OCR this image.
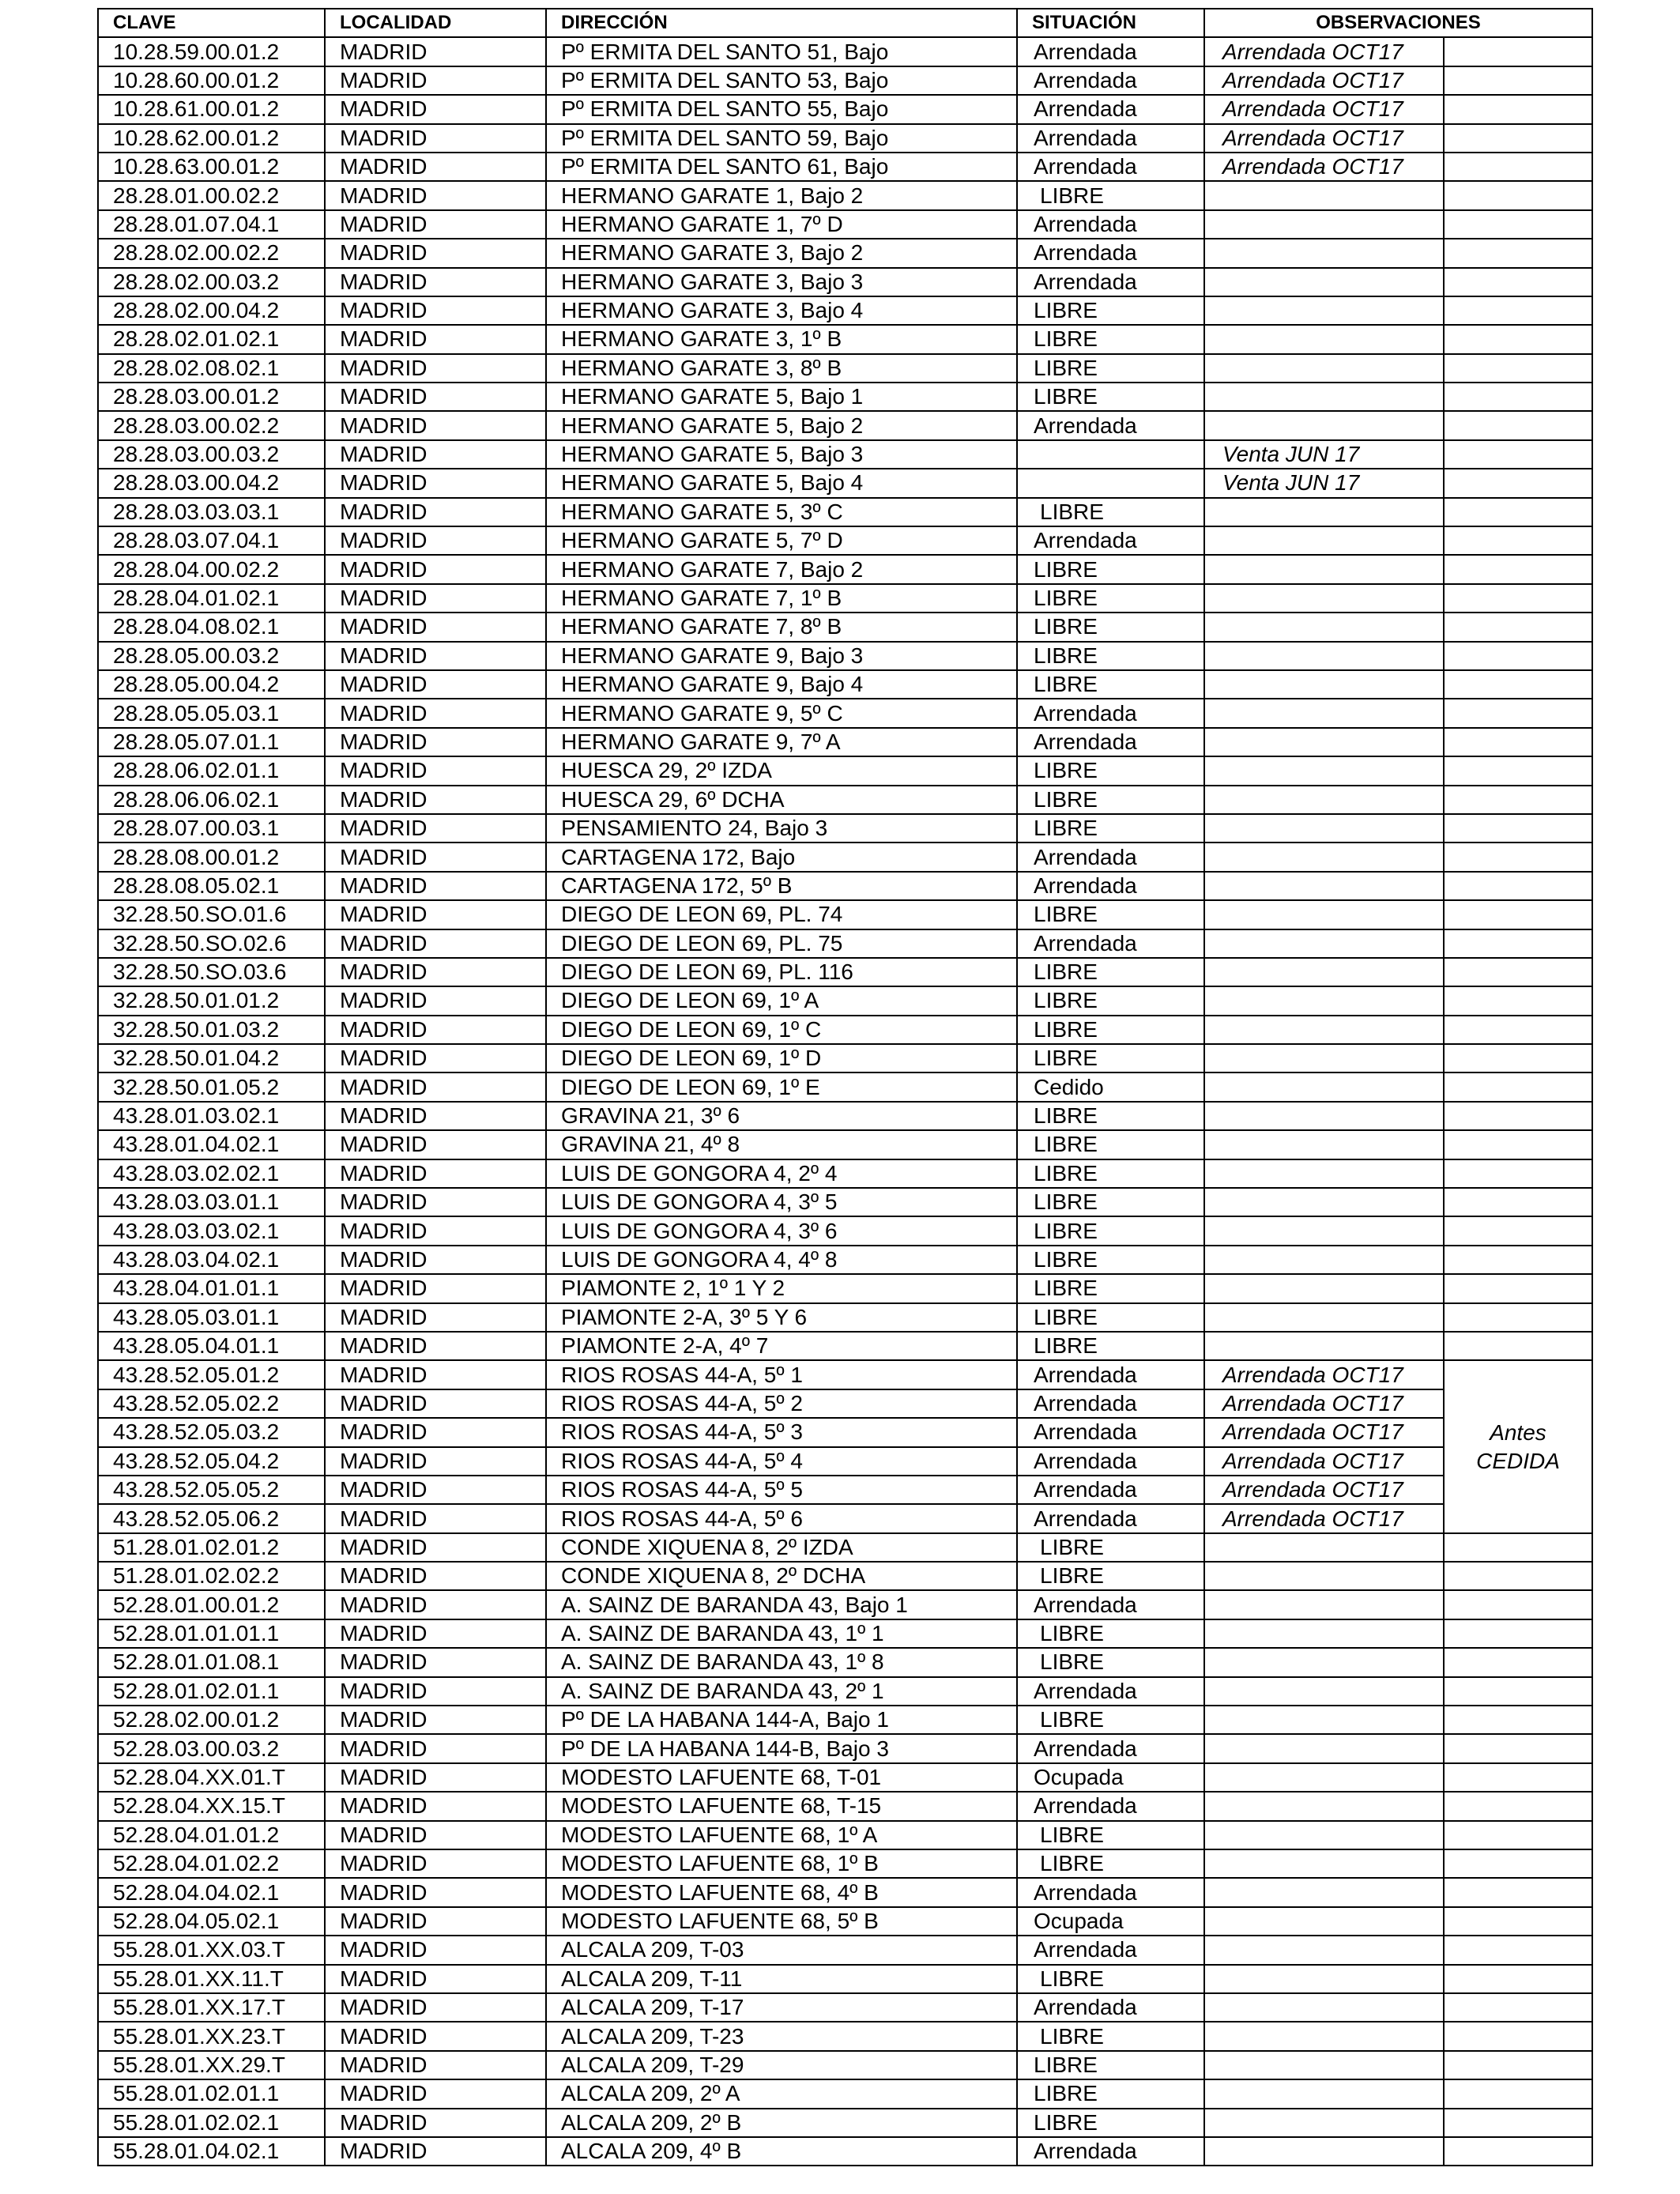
CLAVE	LOCALIDAD	DIRECCIÓN	SITUACIÓN	OBSERVACIONES	
10.28.59.00.01.2	MADRID	Pº ERMITA DEL SANTO 51, Bajo	Arrendada	Arrendada OCT17	
10.28.60.00.01.2	MADRID	Pº ERMITA DEL SANTO 53, Bajo	Arrendada	Arrendada OCT17	
10.28.61.00.01.2	MADRID	Pº ERMITA DEL SANTO 55, Bajo	Arrendada	Arrendada OCT17	
10.28.62.00.01.2	MADRID	Pº ERMITA DEL SANTO 59, Bajo	Arrendada	Arrendada OCT17	
10.28.63.00.01.2	MADRID	Pº ERMITA DEL SANTO 61, Bajo	Arrendada	Arrendada OCT17	
28.28.01.00.02.2	MADRID	HERMANO GARATE 1, Bajo 2	LIBRE		
28.28.01.07.04.1	MADRID	HERMANO GARATE 1, 7º D	Arrendada		
28.28.02.00.02.2	MADRID	HERMANO GARATE 3, Bajo 2	Arrendada		
28.28.02.00.03.2	MADRID	HERMANO GARATE 3, Bajo 3	Arrendada		
28.28.02.00.04.2	MADRID	HERMANO GARATE 3, Bajo 4	LIBRE		
28.28.02.01.02.1	MADRID	HERMANO GARATE 3, 1º B	LIBRE		
28.28.02.08.02.1	MADRID	HERMANO GARATE 3, 8º B	LIBRE		
28.28.03.00.01.2	MADRID	HERMANO GARATE 5, Bajo 1	LIBRE		
28.28.03.00.02.2	MADRID	HERMANO GARATE 5, Bajo 2	Arrendada		
28.28.03.00.03.2	MADRID	HERMANO GARATE 5, Bajo 3		Venta JUN 17	
28.28.03.00.04.2	MADRID	HERMANO GARATE 5, Bajo 4		Venta JUN 17	
28.28.03.03.03.1	MADRID	HERMANO GARATE 5, 3º C	LIBRE		
28.28.03.07.04.1	MADRID	HERMANO GARATE 5, 7º D	Arrendada		
28.28.04.00.02.2	MADRID	HERMANO GARATE 7, Bajo 2	LIBRE		
28.28.04.01.02.1	MADRID	HERMANO GARATE 7, 1º B	LIBRE		
28.28.04.08.02.1	MADRID	HERMANO GARATE 7, 8º B	LIBRE		
28.28.05.00.03.2	MADRID	HERMANO GARATE 9, Bajo 3	LIBRE		
28.28.05.00.04.2	MADRID	HERMANO GARATE 9, Bajo 4	LIBRE		
28.28.05.05.03.1	MADRID	HERMANO GARATE 9, 5º C	Arrendada		
28.28.05.07.01.1	MADRID	HERMANO GARATE 9, 7º A	Arrendada		
28.28.06.02.01.1	MADRID	HUESCA 29, 2º IZDA	LIBRE		
28.28.06.06.02.1	MADRID	HUESCA 29, 6º DCHA	LIBRE		
28.28.07.00.03.1	MADRID	PENSAMIENTO 24, Bajo 3	LIBRE		
28.28.08.00.01.2	MADRID	CARTAGENA 172, Bajo	Arrendada		
28.28.08.05.02.1	MADRID	CARTAGENA 172, 5º B	Arrendada		
32.28.50.SO.01.6	MADRID	DIEGO DE LEON 69, PL. 74	LIBRE		
32.28.50.SO.02.6	MADRID	DIEGO DE LEON 69, PL. 75	Arrendada		
32.28.50.SO.03.6	MADRID	DIEGO DE LEON 69, PL. 116	LIBRE		
32.28.50.01.01.2	MADRID	DIEGO DE LEON 69, 1º A	LIBRE		
32.28.50.01.03.2	MADRID	DIEGO DE LEON 69, 1º C	LIBRE		
32.28.50.01.04.2	MADRID	DIEGO DE LEON 69, 1º D	LIBRE		
32.28.50.01.05.2	MADRID	DIEGO DE LEON 69, 1º E	Cedido		
43.28.01.03.02.1	MADRID	GRAVINA 21, 3º 6	LIBRE		
43.28.01.04.02.1	MADRID	GRAVINA 21, 4º 8	LIBRE		
43.28.03.02.02.1	MADRID	LUIS DE GONGORA 4, 2º 4	LIBRE		
43.28.03.03.01.1	MADRID	LUIS DE GONGORA 4, 3º 5	LIBRE		
43.28.03.03.02.1	MADRID	LUIS DE GONGORA 4, 3º 6	LIBRE		
43.28.03.04.02.1	MADRID	LUIS DE GONGORA 4, 4º 8	LIBRE		
43.28.04.01.01.1	MADRID	PIAMONTE 2, 1º 1 Y 2	LIBRE		
43.28.05.03.01.1	MADRID	PIAMONTE 2-A, 3º 5 Y 6	LIBRE		
43.28.05.04.01.1	MADRID	PIAMONTE 2-A, 4º 7	LIBRE		
43.28.52.05.01.2	MADRID	RIOS ROSAS 44-A, 5º 1	Arrendada	Arrendada OCT17	Antes
CEDIDA

43.28.52.05.02.2	MADRID	RIOS ROSAS 44-A, 5º 2	Arrendada	Arrendada OCT17	
43.28.52.05.03.2	MADRID	RIOS ROSAS 44-A, 5º 3	Arrendada	Arrendada OCT17	
43.28.52.05.04.2	MADRID	RIOS ROSAS 44-A, 5º 4	Arrendada	Arrendada OCT17	
43.28.52.05.05.2	MADRID	RIOS ROSAS 44-A, 5º 5	Arrendada	Arrendada OCT17	
43.28.52.05.06.2	MADRID	RIOS ROSAS 44-A, 5º 6	Arrendada	Arrendada OCT17	
51.28.01.02.01.2	MADRID	CONDE XIQUENA 8, 2º IZDA	LIBRE		
51.28.01.02.02.2	MADRID	CONDE XIQUENA 8, 2º DCHA	LIBRE		
52.28.01.00.01.2	MADRID	A. SAINZ DE BARANDA 43, Bajo 1	Arrendada		
52.28.01.01.01.1	MADRID	A. SAINZ DE BARANDA 43, 1º 1	LIBRE		
52.28.01.01.08.1	MADRID	A. SAINZ DE BARANDA 43, 1º 8	LIBRE		
52.28.01.02.01.1	MADRID	A. SAINZ DE BARANDA 43, 2º 1	Arrendada		
52.28.02.00.01.2	MADRID	Pº DE LA HABANA 144-A, Bajo 1	LIBRE		
52.28.03.00.03.2	MADRID	Pº DE LA HABANA 144-B, Bajo 3	Arrendada		
52.28.04.XX.01.T	MADRID	MODESTO LAFUENTE 68, T-01	Ocupada		
52.28.04.XX.15.T	MADRID	MODESTO LAFUENTE 68, T-15	Arrendada		
52.28.04.01.01.2	MADRID	MODESTO LAFUENTE 68, 1º A	LIBRE		
52.28.04.01.02.2	MADRID	MODESTO LAFUENTE 68, 1º B	LIBRE		
52.28.04.04.02.1	MADRID	MODESTO LAFUENTE 68, 4º B	Arrendada		
52.28.04.05.02.1	MADRID	MODESTO LAFUENTE 68, 5º B	Ocupada		
55.28.01.XX.03.T	MADRID	ALCALA 209, T-03	Arrendada		
55.28.01.XX.11.T	MADRID	ALCALA 209, T-11	LIBRE		
55.28.01.XX.17.T	MADRID	ALCALA 209, T-17	Arrendada		
55.28.01.XX.23.T	MADRID	ALCALA 209, T-23	LIBRE		
55.28.01.XX.29.T	MADRID	ALCALA 209, T-29	LIBRE		
55.28.01.02.01.1	MADRID	ALCALA 209, 2º A	LIBRE		
55.28.01.02.02.1	MADRID	ALCALA 209, 2º B	LIBRE		
55.28.01.04.02.1	MADRID	ALCALA 209, 4º B	Arrendada		
